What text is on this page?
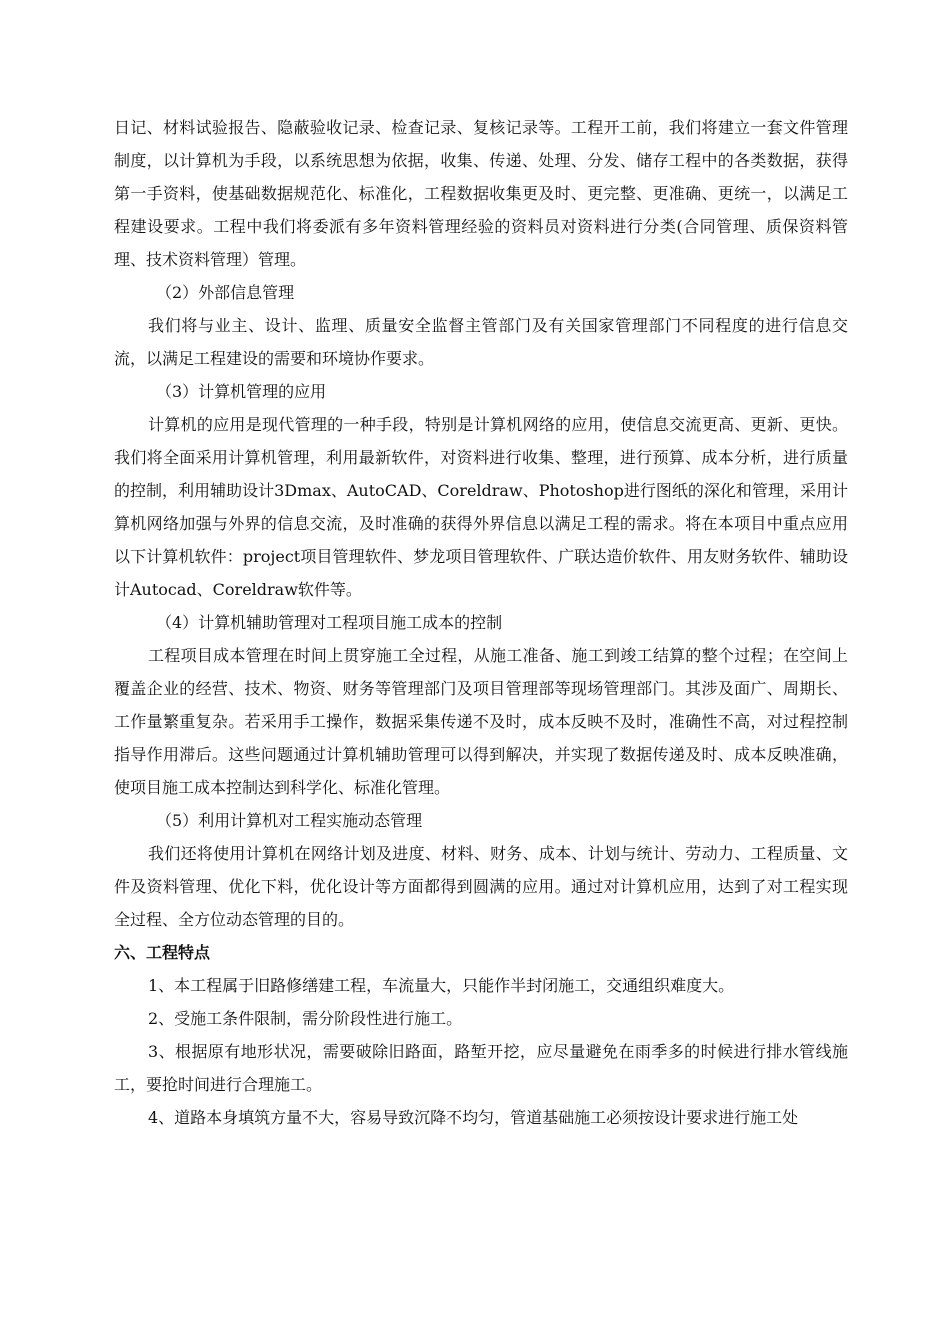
日记、材料试验报告、隐蔽验收记录、检查记录、复核记录等。工程开工前，我们将建立一套文件管理制度，以计算机为手段，以系统思想为依据，收集、传递、处理、分发、储存工程中的各类数据，获得第一手资料，使基础数据规范化、标准化，工程数据收集更及时、更完整、更准确、更统一，以满足工程建设要求。工程中我们将委派有多年资料管理经验的资料员对资料进行分类(合同管理、质保资料管理、技术资料管理）管理。

（2）外部信息管理

我们将与业主、设计、监理、质量安全监督主管部门及有关国家管理部门不同程度的进行信息交流，以满足工程建设的需要和环境协作要求。

（3）计算机管理的应用

计算机的应用是现代管理的一种手段，特别是计算机网络的应用，使信息交流更高、更新、更快。我们将全面采用计算机管理，利用最新软件，对资料进行收集、整理，进行预算、成本分析，进行质量的控制，利用辅助设计3Dmax、AutoCAD、Coreldraw、Photoshop进行图纸的深化和管理，采用计算机网络加强与外界的信息交流，及时准确的获得外界信息以满足工程的需求。将在本项目中重点应用以下计算机软件：project项目管理软件、梦龙项目管理软件、广联达造价软件、用友财务软件、辅助设计Autocad、Coreldraw软件等。

（4）计算机辅助管理对工程项目施工成本的控制

工程项目成本管理在时间上贯穿施工全过程，从施工准备、施工到竣工结算的整个过程；在空间上覆盖企业的经营、技术、物资、财务等管理部门及项目管理部等现场管理部门。其涉及面广、周期长、工作量繁重复杂。若采用手工操作，数据采集传递不及时，成本反映不及时，准确性不高，对过程控制指导作用滞后。这些问题通过计算机辅助管理可以得到解决，并实现了数据传递及时、成本反映准确，使项目施工成本控制达到科学化、标准化管理。

（5）利用计算机对工程实施动态管理

我们还将使用计算机在网络计划及进度、材料、财务、成本、计划与统计、劳动力、工程质量、文件及资料管理、优化下料，优化设计等方面都得到圆满的应用。通过对计算机应用，达到了对工程实现全过程、全方位动态管理的目的。

六、工程特点

1、本工程属于旧路修缮建工程，车流量大，只能作半封闭施工，交通组织难度大。

2、受施工条件限制，需分阶段性进行施工。

3、根据原有地形状况，需要破除旧路面，路堑开挖，应尽量避免在雨季多的时候进行排水管线施工，要抢时间进行合理施工。

4、道路本身填筑方量不大，容易导致沉降不均匀，管道基础施工必须按设计要求进行施工处
